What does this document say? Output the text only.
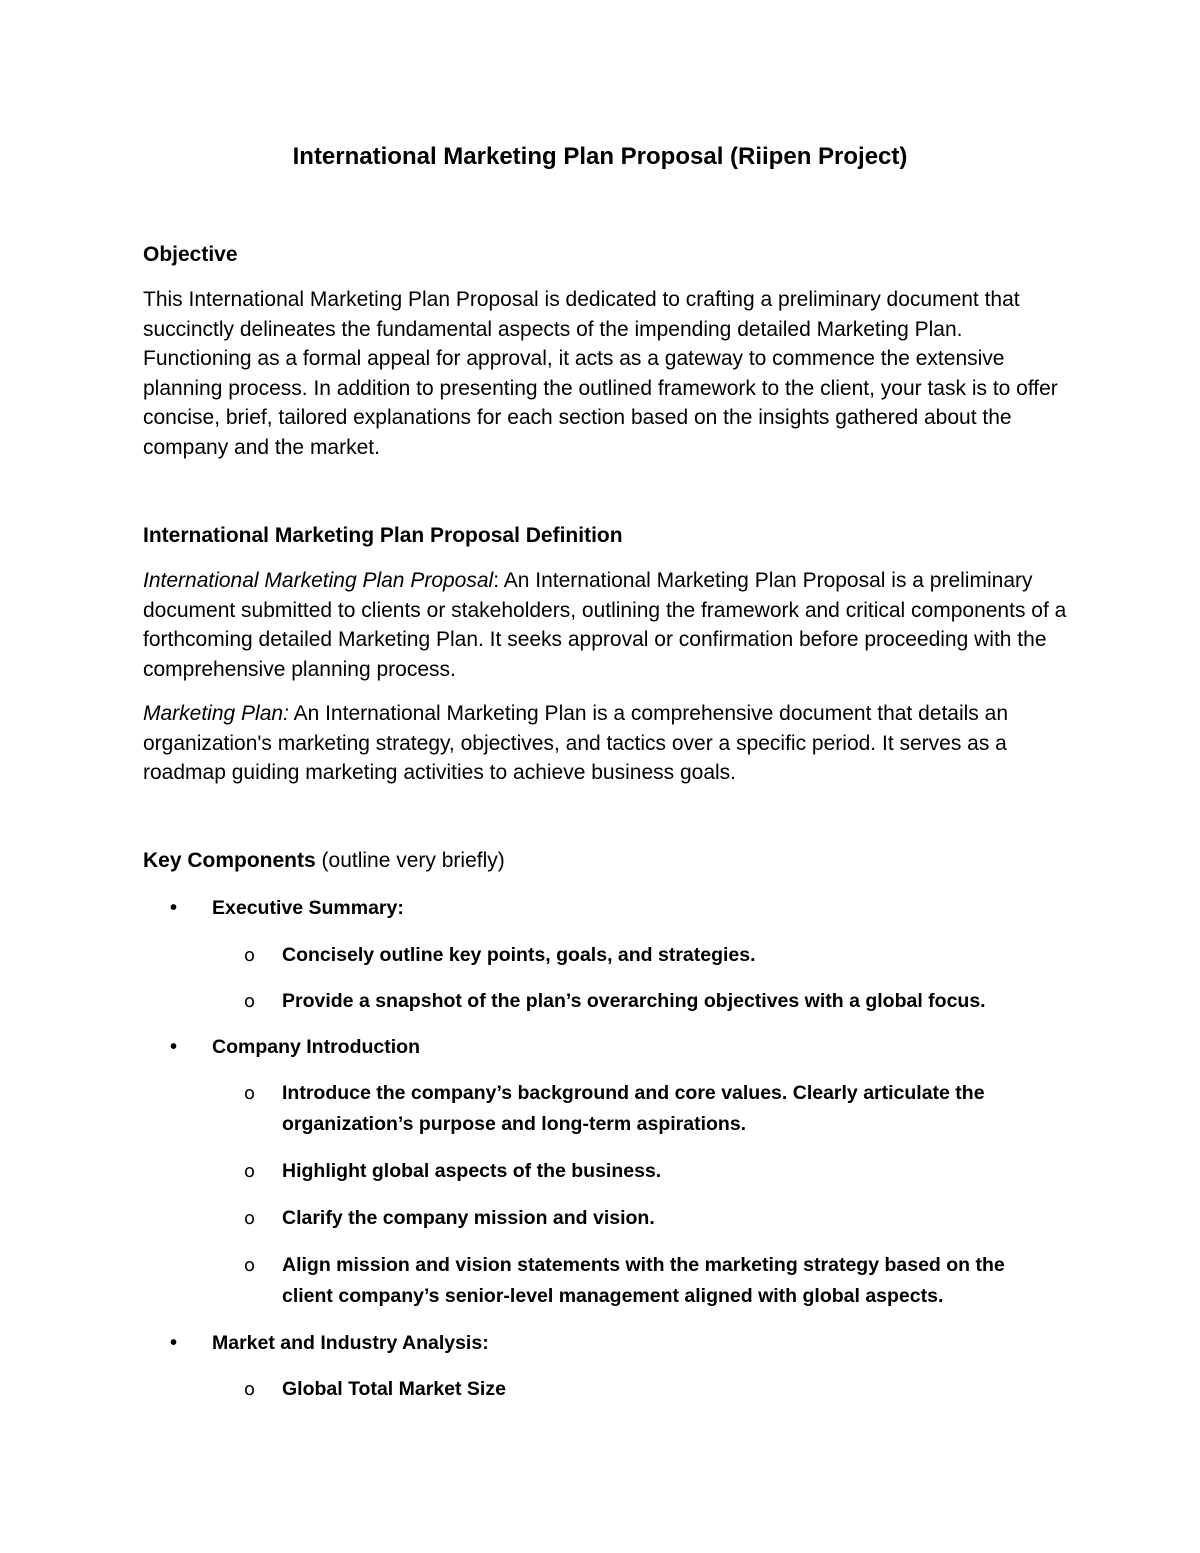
International Marketing Plan Proposal (Riipen Project)
Objective

This International Marketing Plan Proposal is dedicated to crafting a preliminary document that succinctly delineates the fundamental aspects of the impending detailed Marketing Plan. Functioning as a formal appeal for approval, it acts as a gateway to commence the extensive planning process. In addition to presenting the outlined framework to the client, your task is to offer concise, brief, tailored explanations for each section based on the insights gathered about the company and the market.

International Marketing Plan Proposal Definition

International Marketing Plan Proposal: An International Marketing Plan Proposal is a preliminary document submitted to clients or stakeholders, outlining the framework and critical components of a forthcoming detailed Marketing Plan. It seeks approval or confirmation before proceeding with the comprehensive planning process.

Marketing Plan: An International Marketing Plan is a comprehensive document that details an organization's marketing strategy, objectives, and tactics over a specific period. It serves as a roadmap guiding marketing activities to achieve business goals.

Key Components (outline very briefly)
• Executive Summary:
o Concisely outline key points, goals, and strategies.
o Provide a snapshot of the plan’s overarching objectives with a global focus.
• Company Introduction
o Introduce the company’s background and core values. Clearly articulate the organization’s purpose and long-term aspirations.
o Highlight global aspects of the business.
o Clarify the company mission and vision.
o Align mission and vision statements with the marketing strategy based on the client company’s senior-level management aligned with global aspects.
• Market and Industry Analysis:
o Global Total Market Size
